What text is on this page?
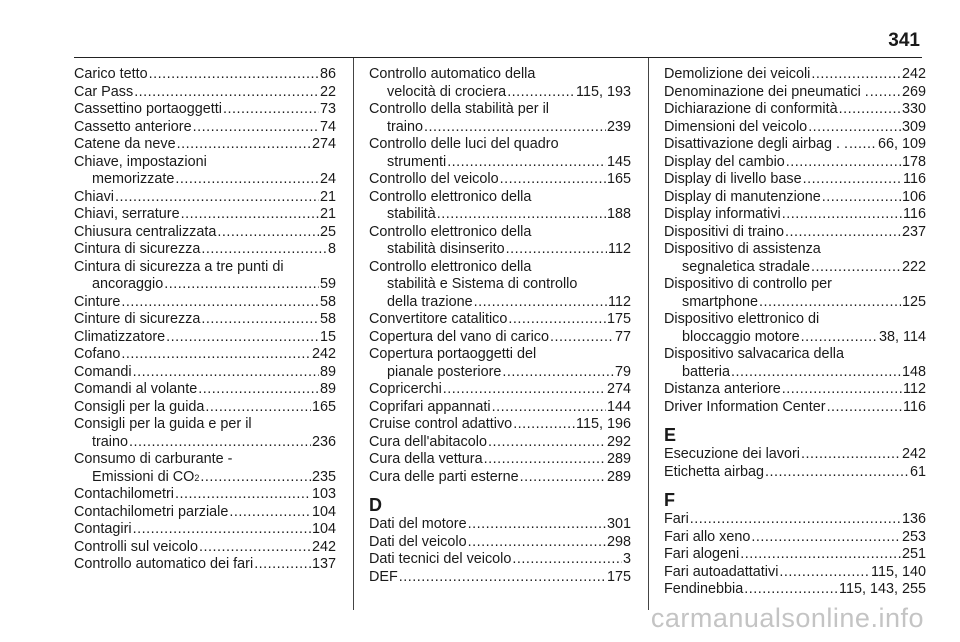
341
Carico tetto .....	86
Car Pass .....	22
Cassettino portaoggetti .....	73
Cassetto anteriore .....	74
Catene da neve .....	274
Chiave, impostazioni
memorizzate .....	24
Chiavi .....	21
Chiavi, serrature .....	21
Chiusura centralizzata .....	25
Cintura di sicurezza .....	8
Cintura di sicurezza a tre punti di
ancoraggio .....	59
Cinture .....	58
Cinture di sicurezza .....	58
Climatizzatore .....	15
Cofano .....	242
Comandi .....	89
Comandi al volante .....	89
Consigli per la guida .....	165
Consigli per la guida e per il
traino .....	236
Consumo di carburante -
Emissioni di CO 2 .....	235
Contachilometri .....	103
Contachilometri parziale .....	104
Contagiri .....	104
Controlli sul veicolo .....	242
Controllo automatico dei fari .....	137
Controllo automatico della
velocità di crociera .....	115, 193
Controllo della stabilità per il
traino .....	239
Controllo delle luci del quadro
strumenti .....	145
Controllo del veicolo .....	165
Controllo elettronico della
stabilità .....	188
Controllo elettronico della
stabilità disinserito .....	112
Controllo elettronico della
stabilità e Sistema di controllo
della trazione .....	112
Convertitore catalitico .....	175
Copertura del vano di carico .....	77
Copertura portaoggetti del
pianale posteriore .....	79
Copricerchi .....	274
Coprifari appannati .....	144
Cruise control adattivo .....	115, 196
Cura dell'abitacolo .....	292
Cura della vettura .....	289
Cura delle parti esterne .....	289
D
Dati del motore .....	301
Dati del veicolo .....	298
Dati tecnici del veicolo .....	3
DEF .....	175
Demolizione dei veicoli .....	242
Denominazione dei pneumatici . ..... 269
Dichiarazione di conformità .....	330
Dimensioni del veicolo .....	309
Disattivazione degli airbag . . ..... 66, 109
Display del cambio .....	178
Display di livello base .....	116
Display di manutenzione .....	106
Display informativi .....	116
Dispositivi di traino .....	237
Dispositivo di assistenza
segnaletica stradale .....	222
Dispositivo di controllo per
smartphone .....	125
Dispositivo elettronico di
bloccaggio motore .....	38, 114
Dispositivo salvacarica della
batteria .....	148
Distanza anteriore .....	112
Driver Information Center .....	116
E
Esecuzione dei lavori .....	242
Etichetta airbag .....	61
F
Fari .....	136
Fari allo xeno .....	253
Fari alogeni .....	251
Fari autoadattativi .....	115, 140
Fendinebbia .....	115, 143, 255
carmanualsonline.info
